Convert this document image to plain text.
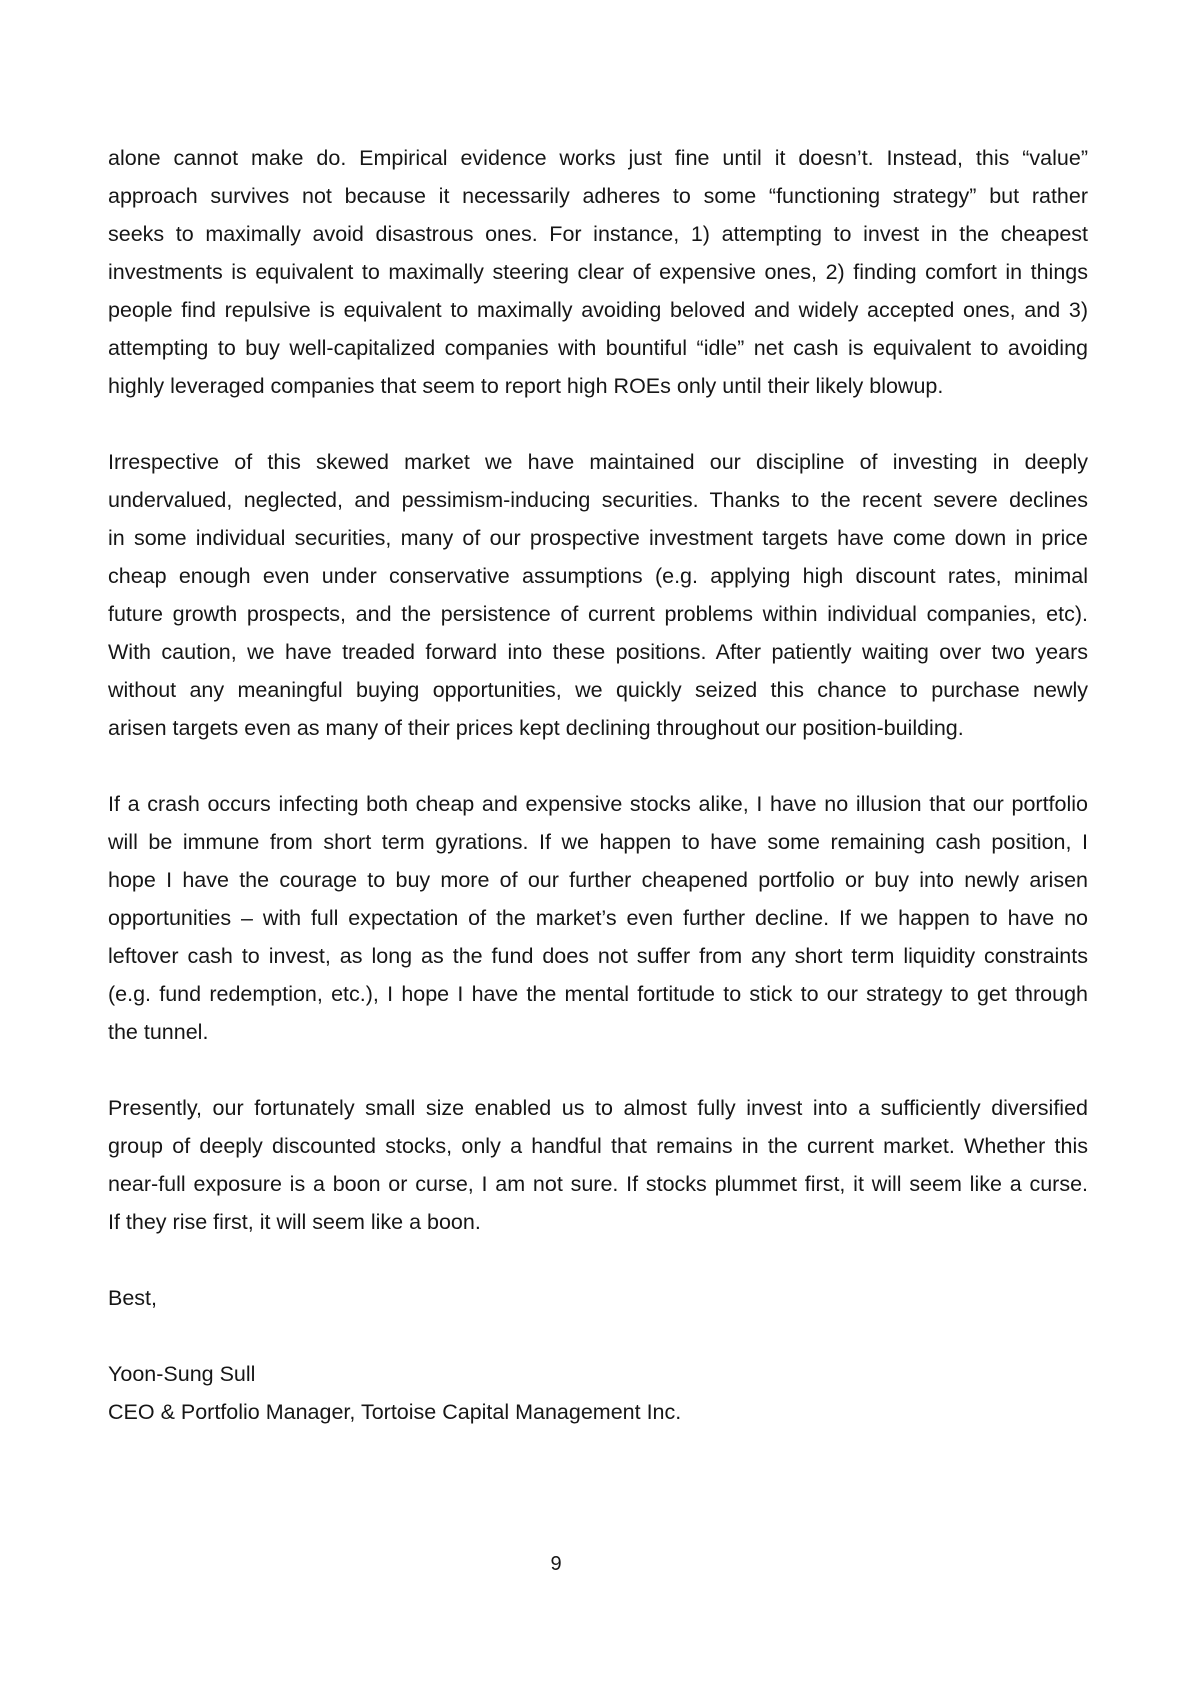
alone cannot make do. Empirical evidence works just fine until it doesn’t. Instead, this “value”
approach survives not because it necessarily adheres to some “functioning strategy” but rather
seeks to maximally avoid disastrous ones. For instance, 1) attempting to invest in the cheapest
investments is equivalent to maximally steering clear of expensive ones, 2) finding comfort in things
people find repulsive is equivalent to maximally avoiding beloved and widely accepted ones, and 3)
attempting to buy well-capitalized companies with bountiful “idle” net cash is equivalent to avoiding
highly leveraged companies that seem to report high ROEs only until their likely blowup.
Irrespective of this skewed market we have maintained our discipline of investing in deeply
undervalued, neglected, and pessimism-inducing securities. Thanks to the recent severe declines
in some individual securities, many of our prospective investment targets have come down in price
cheap enough even under conservative assumptions (e.g. applying high discount rates, minimal
future growth prospects, and the persistence of current problems within individual companies, etc).
With caution, we have treaded forward into these positions. After patiently waiting over two years
without any meaningful buying opportunities, we quickly seized this chance to purchase newly
arisen targets even as many of their prices kept declining throughout our position-building.
If a crash occurs infecting both cheap and expensive stocks alike, I have no illusion that our portfolio
will be immune from short term gyrations. If we happen to have some remaining cash position, I
hope I have the courage to buy more of our further cheapened portfolio or buy into newly arisen
opportunities – with full expectation of the market’s even further decline. If we happen to have no
leftover cash to invest, as long as the fund does not suffer from any short term liquidity constraints
(e.g. fund redemption, etc.), I hope I have the mental fortitude to stick to our strategy to get through
the tunnel.
Presently, our fortunately small size enabled us to almost fully invest into a sufficiently diversified
group of deeply discounted stocks, only a handful that remains in the current market. Whether this
near-full exposure is a boon or curse, I am not sure. If stocks plummet first, it will seem like a curse.
If they rise first, it will seem like a boon.
Best,
Yoon-Sung Sull
CEO & Portfolio Manager, Tortoise Capital Management Inc.
9
